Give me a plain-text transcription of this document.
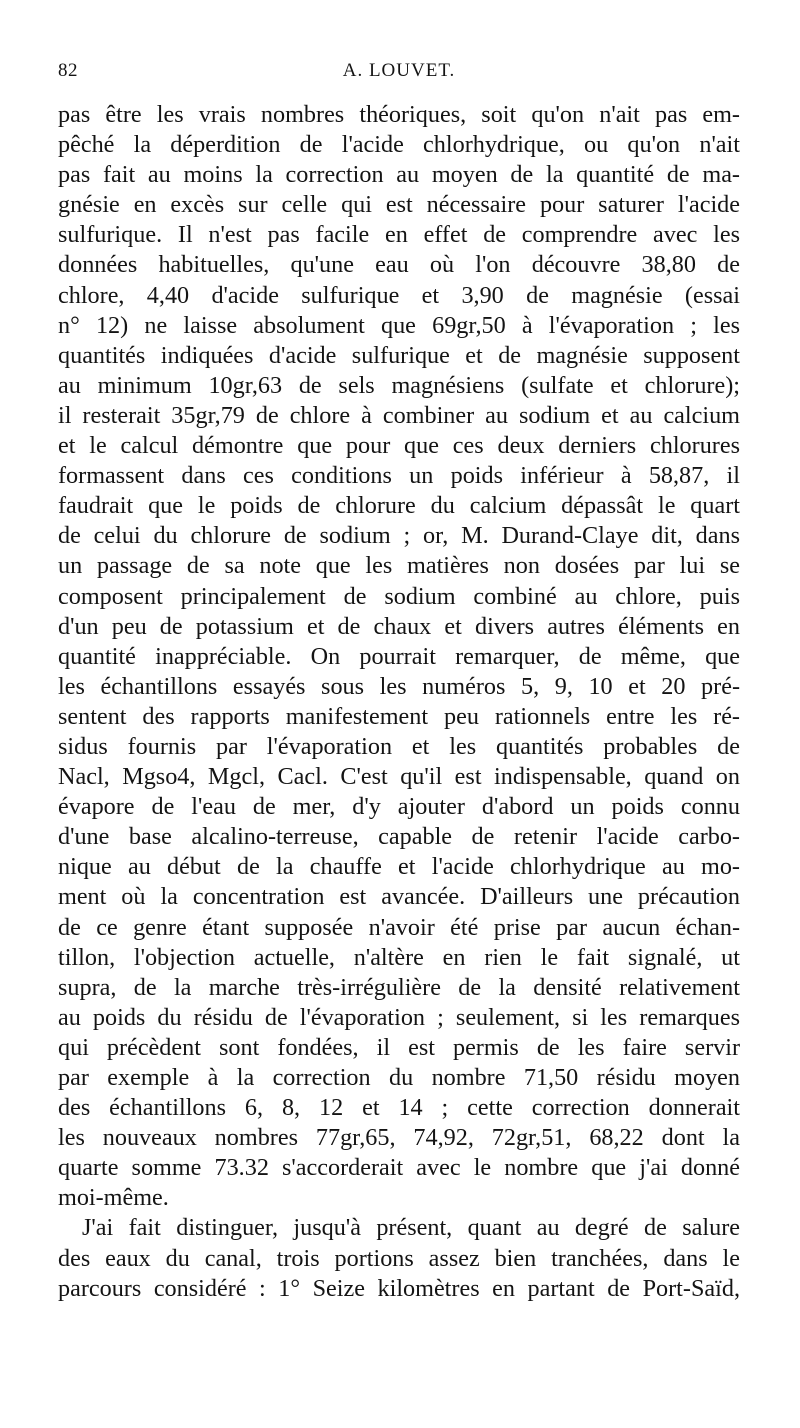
82	A. LOUVET.
pas être les vrais nombres théoriques, soit qu'on n'ait pas em-
pêché la déperdition de l'acide chlorhydrique, ou qu'on n'ait
pas fait au moins la correction au moyen de la quantité de ma-
gnésie en excès sur celle qui est nécessaire pour saturer l'acide
sulfurique. Il n'est pas facile en effet de comprendre avec les
données habituelles, qu'une eau où l'on découvre 38,80 de
chlore, 4,40 d'acide sulfurique et 3,90 de magnésie (essai
n° 12) ne laisse absolument que 69gr,50 à l'évaporation ; les
quantités indiquées d'acide sulfurique et de magnésie supposent
au minimum 10gr,63 de sels magnésiens (sulfate et chlorure);
il resterait 35gr,79 de chlore à combiner au sodium et au calcium
et le calcul démontre que pour que ces deux derniers chlorures
formassent dans ces conditions un poids inférieur à 58,87, il
faudrait que le poids de chlorure du calcium dépassât le quart
de celui du chlorure de sodium ; or, M. Durand-Claye dit, dans
un passage de sa note que les matières non dosées par lui se
composent principalement de sodium combiné au chlore, puis
d'un peu de potassium et de chaux et divers autres éléments en
quantité inappréciable. On pourrait remarquer, de même, que
les échantillons essayés sous les numéros 5, 9, 10 et 20 pré-
sentent des rapports manifestement peu rationnels entre les ré-
sidus fournis par l'évaporation et les quantités probables de
Nacl, Mgso4, Mgcl, Cacl. C'est qu'il est indispensable, quand on
évapore de l'eau de mer, d'y ajouter d'abord un poids connu
d'une base alcalino-terreuse, capable de retenir l'acide carbo-
nique au début de la chauffe et l'acide chlorhydrique au mo-
ment où la concentration est avancée. D'ailleurs une précaution
de ce genre étant supposée n'avoir été prise par aucun échan-
tillon, l'objection actuelle, n'altère en rien le fait signalé, ut
supra, de la marche très-irrégulière de la densité relativement
au poids du résidu de l'évaporation ; seulement, si les remarques
qui précèdent sont fondées, il est permis de les faire servir
par exemple à la correction du nombre 71,50 résidu moyen
des échantillons 6, 8, 12 et 14 ; cette correction donnerait
les nouveaux nombres 77gr,65, 74,92, 72gr,51, 68,22 dont la
quarte somme 73.32 s'accorderait avec le nombre que j'ai donné
moi-même.
J'ai fait distinguer, jusqu'à présent, quant au degré de salure
des eaux du canal, trois portions assez bien tranchées, dans le
parcours considéré : 1° Seize kilomètres en partant de Port-Saïd,
